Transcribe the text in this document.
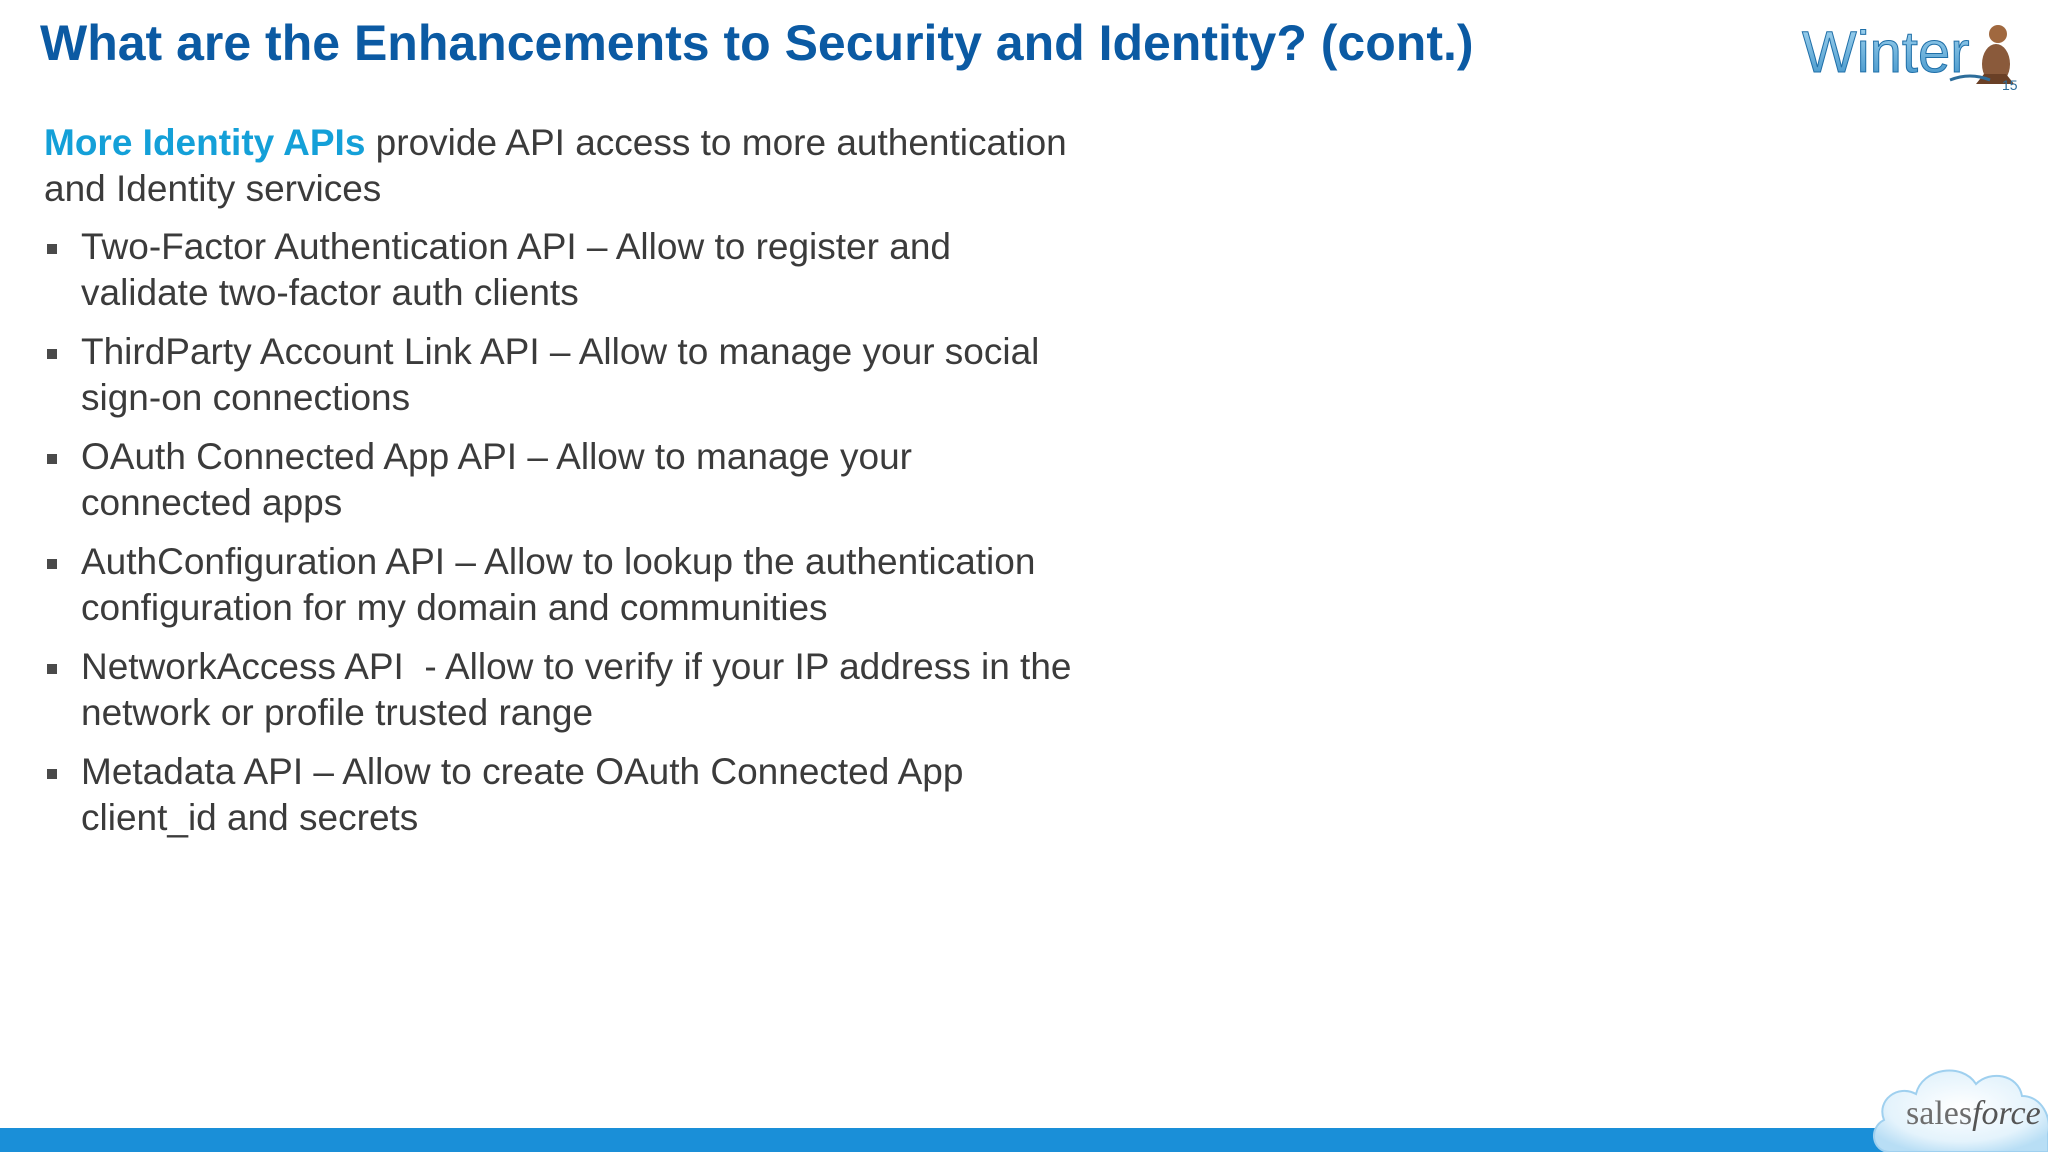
What are the Enhancements to Security and Identity? (cont.)	Winter 15

More Identity APIs provide API access to more authentication and Identity services

Two-Factor Authentication API – Allow to register and validate two-factor auth clients
ThirdParty Account Link API – Allow to manage your social sign-on connections
OAuth Connected App API – Allow to manage your connected apps
AuthConfiguration API – Allow to lookup the authentication configuration for my domain and communities
NetworkAccess API  - Allow to verify if your IP address in the network or profile trusted range
Metadata API – Allow to create OAuth Connected App client_id and secrets
salesforce
